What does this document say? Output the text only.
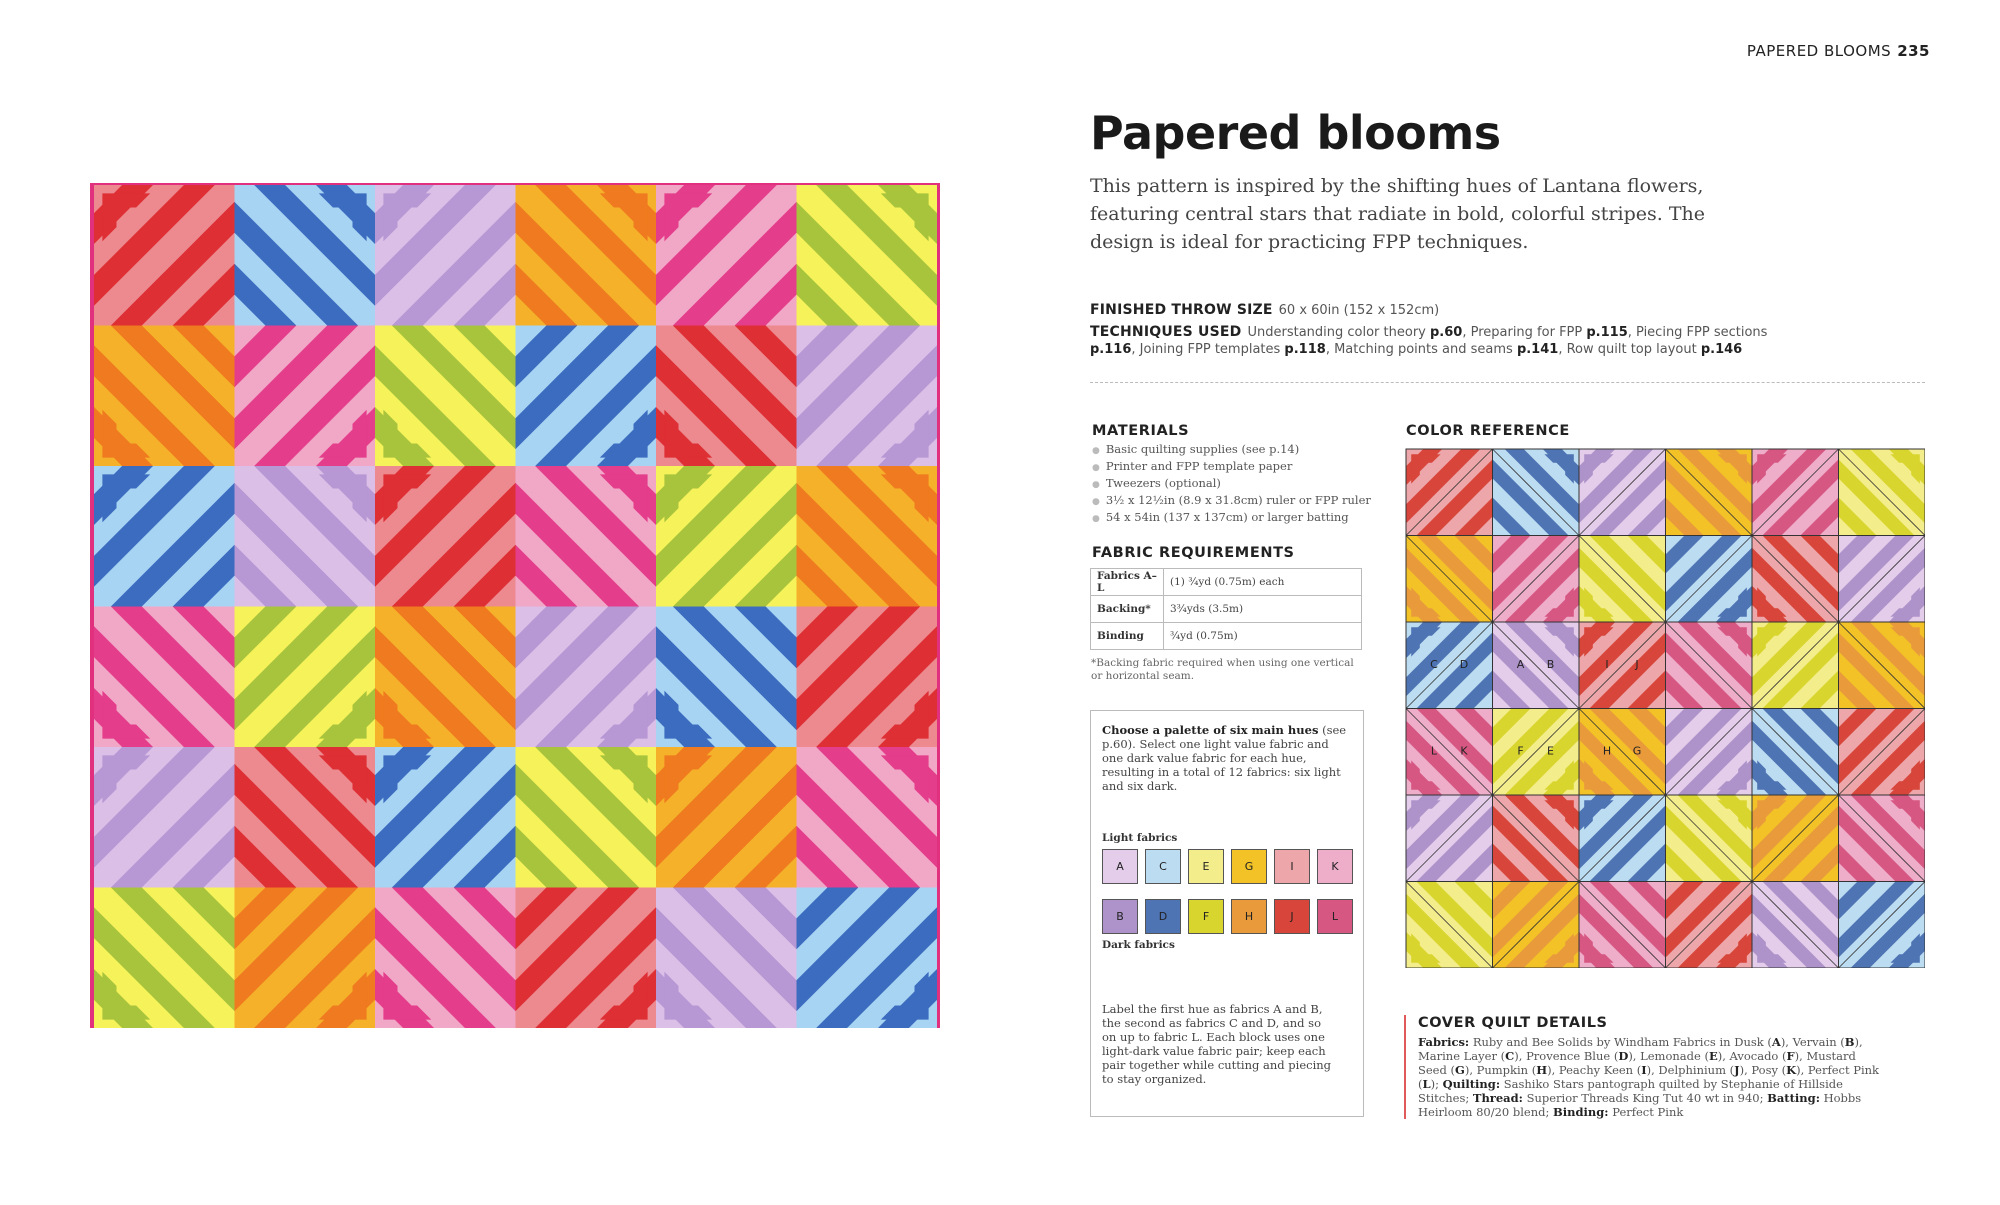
PAPERED BLOOMS 235
Papered blooms

This pattern is inspired by the shifting hues of Lantana flowers, featuring central stars that radiate in bold, colorful stripes. The design is ideal for practicing FPP techniques.

FINISHED THROW SIZE 60 x 60in (152 x 152cm)
TECHNIQUES USED Understanding color theory p.60, Preparing for FPP p.115, Piecing FPP sections p.116, Joining FPP templates p.118, Matching points and seams p.141, Row quilt top layout p.146
MATERIALS
● Basic quilting supplies (see p.14)
● Printer and FPP template paper
● Tweezers (optional)
● 3½ x 12½in (8.9 x 31.8cm) ruler or FPP ruler
● 54 x 54in (137 x 137cm) or larger batting
FABRIC REQUIREMENTS
Fabrics A–L	(1) ¾yd (0.75m) each
Backing*	3¾yds (3.5m)
Binding	¾yd (0.75m)
*Backing fabric required when using one vertical or horizontal seam.

Choose a palette of six main hues (see p.60). Select one light value fabric and one dark value fabric for each hue, resulting in a total of 12 fabrics: six light and six dark.

Light fabrics
A	C	E	G	I	K
B	D	F	H	J	L
Dark fabrics

Label the first hue as fabrics A and B, the second as fabrics C and D, and so on up to fabric L. Each block uses one light-dark value fabric pair; keep each pair together while cutting and piecing to stay organized.

COLOR REFERENCE
C D	A B	I J
L K	F E	H G
COVER QUILT DETAILS

Fabrics: Ruby and Bee Solids by Windham Fabrics in Dusk (A), Vervain (B), Marine Layer (C), Provence Blue (D), Lemonade (E), Avocado (F), Mustard Seed (G), Pumpkin (H), Peachy Keen (I), Delphinium (J), Posy (K), Perfect Pink (L); Quilting: Sashiko Stars pantograph quilted by Stephanie of Hillside Stitches; Thread: Superior Threads King Tut 40 wt in 940; Batting: Hobbs Heirloom 80/20 blend; Binding: Perfect Pink
